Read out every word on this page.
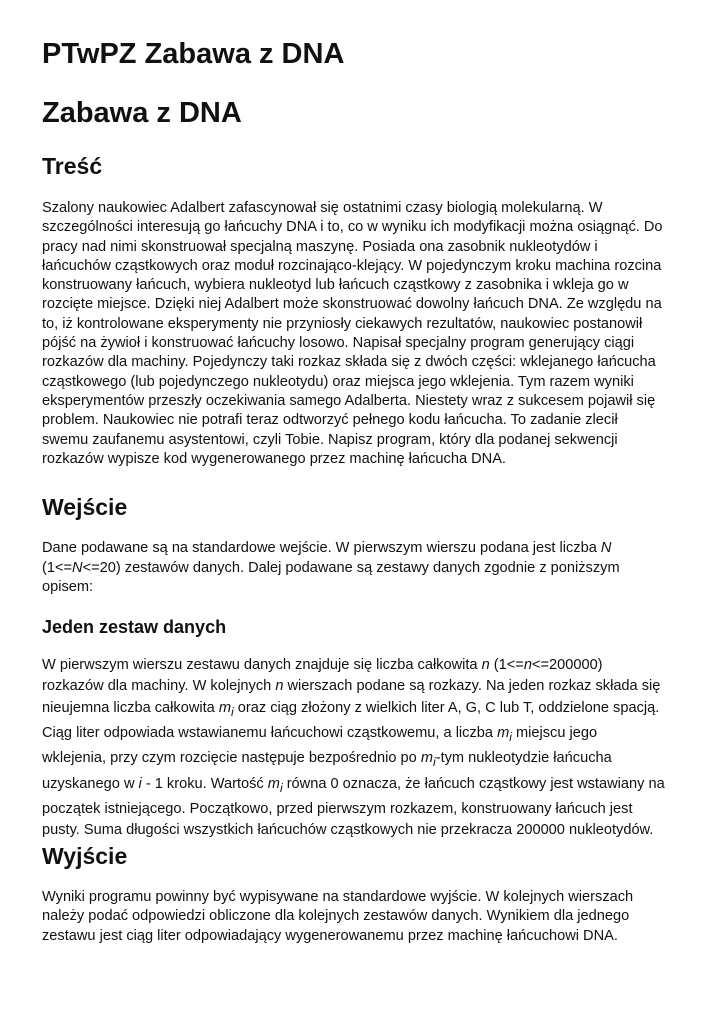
PTwPZ Zabawa z DNA
Zabawa z DNA
Treść

Szalony naukowiec Adalbert zafascynował się ostatnimi czasy biologią molekularną. W
szczególności interesują go łańcuchy DNA i to, co w wyniku ich modyfikacji można osiągnąć. Do
pracy nad nimi skonstruował specjalną maszynę. Posiada ona zasobnik nukleotydów i
łańcuchów cząstkowych oraz moduł rozcinająco-klejący. W pojedynczym kroku machina rozcina
konstruowany łańcuch, wybiera nukleotyd lub łańcuch cząstkowy z zasobnika i wkleja go w
rozcięte miejsce. Dzięki niej Adalbert może skonstruować dowolny łańcuch DNA. Ze względu na
to, iż kontrolowane eksperymenty nie przyniosły ciekawych rezultatów, naukowiec postanowił
pójść na żywioł i konstruować łańcuchy losowo. Napisał specjalny program generujący ciągi
rozkazów dla machiny. Pojedynczy taki rozkaz składa się z dwóch części: wklejanego łańcucha
cząstkowego (lub pojedynczego nukleotydu) oraz miejsca jego wklejenia. Tym razem wyniki
eksperymentów przeszły oczekiwania samego Adalberta. Niestety wraz z sukcesem pojawił się
problem. Naukowiec nie potrafi teraz odtworzyć pełnego kodu łańcucha. To zadanie zlecił
swemu zaufanemu asystentowi, czyli Tobie. Napisz program, który dla podanej sekwencji
rozkazów wypisze kod wygenerowanego przez machinę łańcucha DNA.

Wejście

Dane podawane są na standardowe wejście. W pierwszym wierszu podana jest liczba N
(1<=N<=20) zestawów danych. Dalej podawane są zestawy danych zgodnie z poniższym
opisem:

Jeden zestaw danych

W pierwszym wierszu zestawu danych znajduje się liczba całkowita n (1<=n<=200000)
rozkazów dla machiny. W kolejnych n wierszach podane są rozkazy. Na jeden rozkaz składa się
nieujemna liczba całkowita $m_i$ oraz ciąg złożony z wielkich liter A, G, C lub T, oddzielone spacją.
Ciąg liter odpowiada wstawianemu łańcuchowi cząstkowemu, a liczba $m_i$ miejscu jego
wklejenia, przy czym rozcięcie następuje bezpośrednio po $m_i$-tym nukleotydzie łańcucha
uzyskanego w i - 1 kroku. Wartość $m_i$ równa 0 oznacza, że łańcuch cząstkowy jest wstawiany na
początek istniejącego. Początkowo, przed pierwszym rozkazem, konstruowany łańcuch jest
pusty. Suma długości wszystkich łańcuchów cząstkowych nie przekracza 200000 nukleotydów.

Wyjście

Wyniki programu powinny być wypisywane na standardowe wyjście. W kolejnych wierszach
należy podać odpowiedzi obliczone dla kolejnych zestawów danych. Wynikiem dla jednego
zestawu jest ciąg liter odpowiadający wygenerowanemu przez machinę łańcuchowi DNA.
